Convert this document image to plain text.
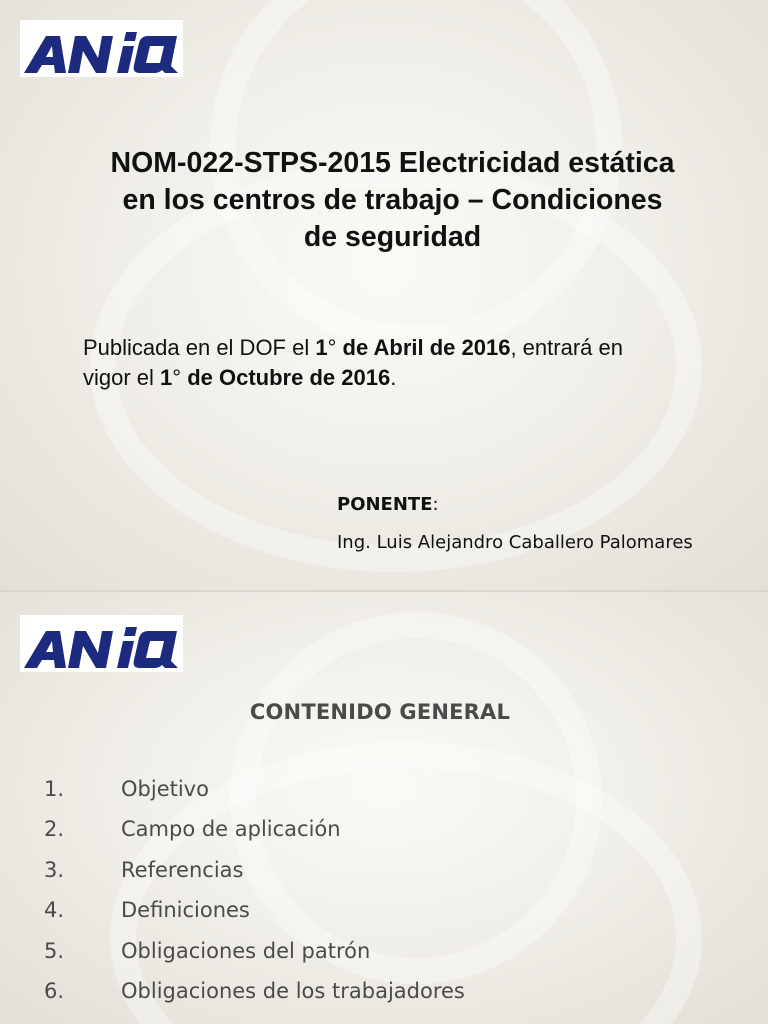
NOM-022-STPS-2015 Electricidad estática
en los centros de trabajo – Condiciones
de seguridad
Publicada en el DOF el 1° de Abril de 2016, entrará en
vigor el 1° de Octubre de 2016.
PONENTE:
Ing. Luis Alejandro Caballero Palomares
CONTENIDO GENERAL
1.	Objetivo
2.	Campo de aplicación
3.	Referencias
4.	Definiciones
5.	Obligaciones del patrón
6.	Obligaciones de los trabajadores
